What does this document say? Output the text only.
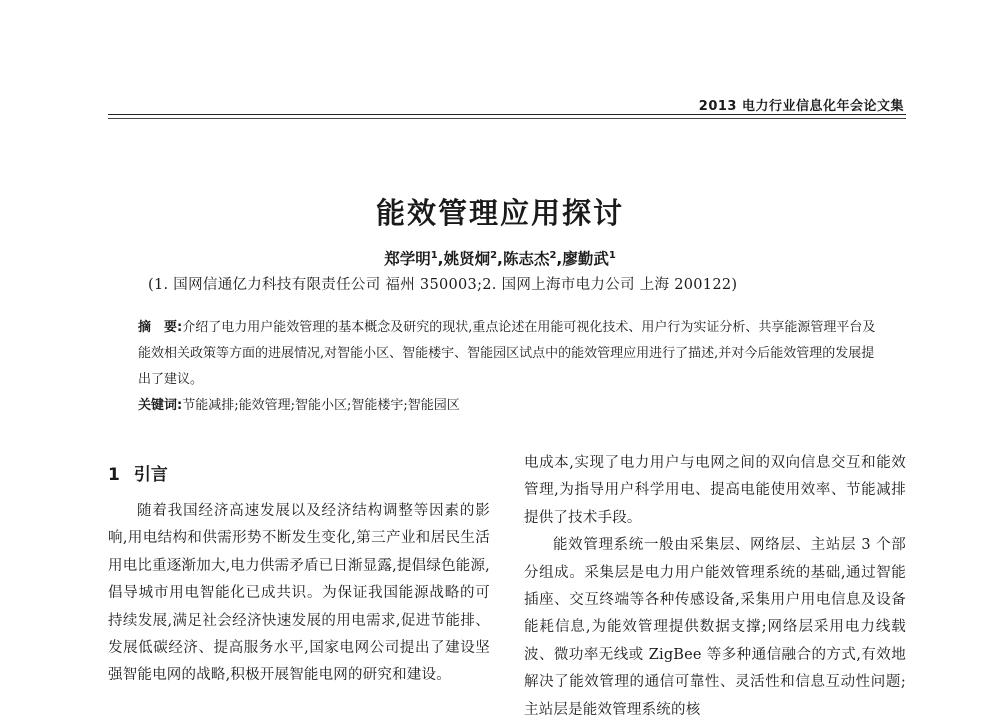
2013 电力行业信息化年会论文集
能效管理应用探讨
郑学明$^1$,姚贤炯$^2$,陈志杰$^2$,廖勤武$^1$
(1. 国网信通亿力科技有限责任公司 福州 350003;2. 国网上海市电力公司 上海 200122)

摘　要:介绍了电力用户能效管理的基本概念及研究的现状,重点论述在用能可视化技术、用户行为实证分析、共享能源管理平台及能效相关政策等方面的进展情况,对智能小区、智能楼宇、智能园区试点中的能效管理应用进行了描述,并对今后能效管理的发展提出了建议。

关键词:节能减排;能效管理;智能小区;智能楼宇;智能园区

1 引言

随着我国经济高速发展以及经济结构调整等因素的影响,用电结构和供需形势不断发生变化,第三产业和居民生活用电比重逐渐加大,电力供需矛盾已日渐显露,提倡绿色能源,倡导城市用电智能化已成共识。为保证我国能源战略的可持续发展,满足社会经济快速发展的用电需求,促进节能排、发展低碳经济、提高服务水平,国家电网公司提出了建设坚强智能电网的战略,积极开展智能电网的研究和建设。

电成本,实现了电力用户与电网之间的双向信息交互和能效管理,为指导用户科学用电、提高电能使用效率、节能减排提供了技术手段。

能效管理系统一般由采集层、网络层、主站层 3 个部分组成。采集层是电力用户能效管理系统的基础,通过智能插座、交互终端等各种传感设备,采集用户用电信息及设备能耗信息,为能效管理提供数据支撑;网络层采用电力线载波、微功率无线或 ZigBee 等多种通信融合的方式,有效地解决了能效管理的通信可靠性、灵活性和信息互动性问题;主站层是能效管理系统的核
